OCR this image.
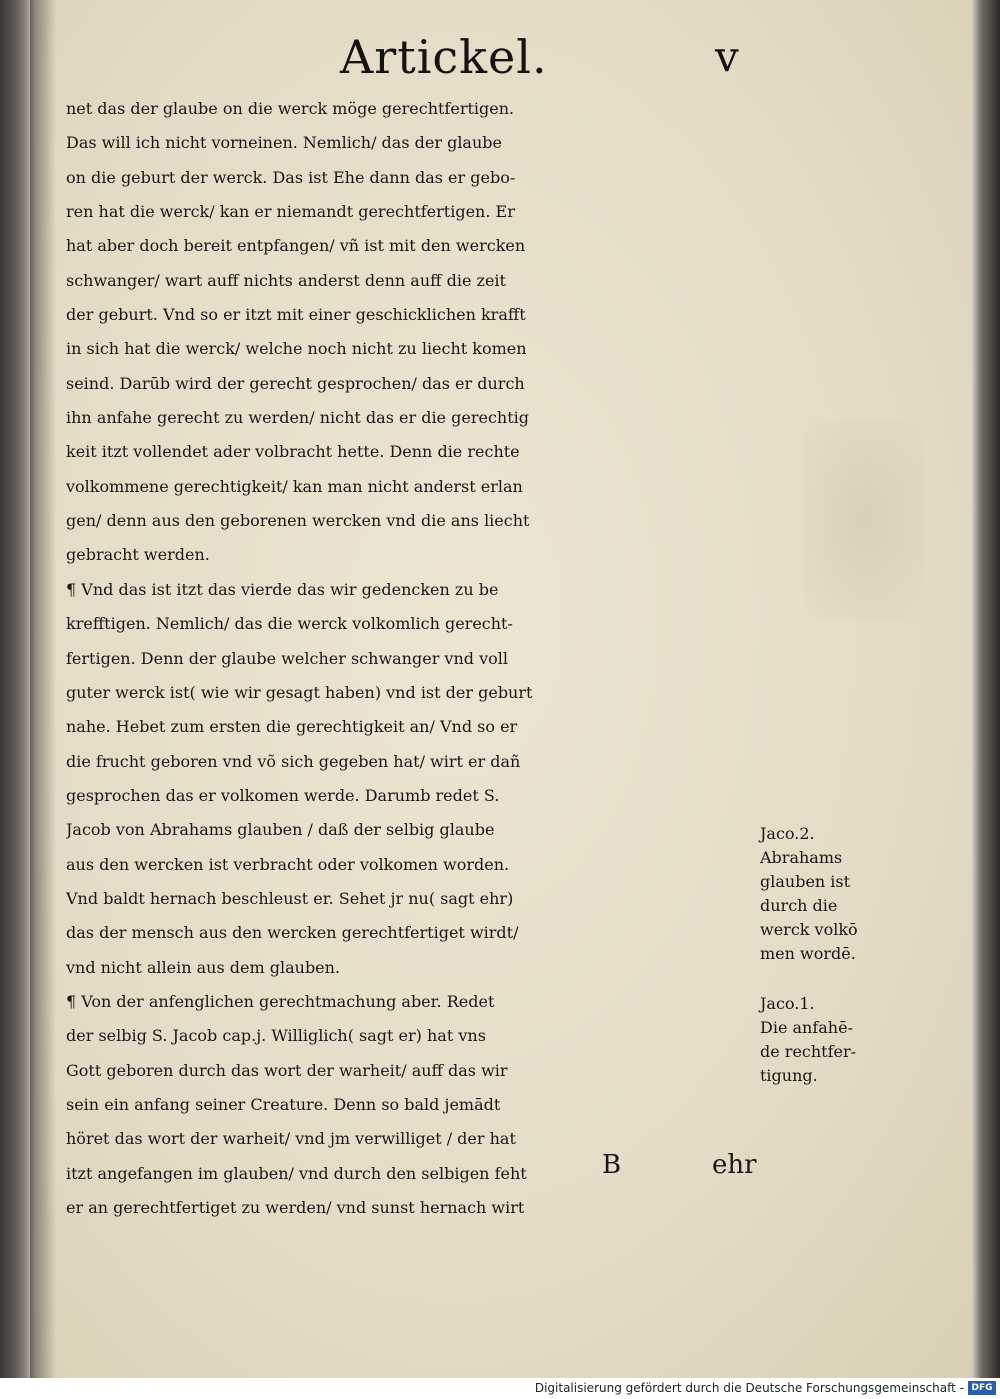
Artickel.	v
net das der glaube on die werck möge gerechtfertigen.
Das will ich nicht vorneinen. Nemlich/ das der glaube
on die geburt der werck. Das ist Ehe dann das er gebo-
ren hat die werck/ kan er niemandt gerechtfertigen. Er
hat aber doch bereit entpfangen/ vñ ist mit den wercken
schwanger/ wart auff nichts anderst denn auff die zeit
der geburt. Vnd so er itzt mit einer geschicklichen krafft
in sich hat die werck/ welche noch nicht zu liecht komen
seind. Darūb wird der gerecht gesprochen/ das er durch
ihn anfahe gerecht zu werden/ nicht das er die gerechtig
keit itzt vollendet ader volbracht hette. Denn die rechte
volkommene gerechtigkeit/ kan man nicht anderst erlan
gen/ denn aus den geborenen wercken vnd die ans liecht
gebracht werden.
¶ Vnd das ist itzt das vierde das wir gedencken zu be
krefftigen. Nemlich/ das die werck volkomlich gerecht-
fertigen. Denn der glaube welcher schwanger vnd voll
guter werck ist( wie wir gesagt haben) vnd ist der geburt
nahe. Hebet zum ersten die gerechtigkeit an/ Vnd so er
die frucht geboren vnd võ sich gegeben hat/ wirt er dañ
gesprochen das er volkomen werde. Darumb redet S.
Jacob von Abrahams glauben / daß der selbig glaube
aus den wercken ist verbracht oder volkomen worden.
Vnd baldt hernach beschleust er. Sehet jr nu( sagt ehr)
das der mensch aus den wercken gerechtfertiget wirdt/
vnd nicht allein aus dem glauben.
¶ Von der anfenglichen gerechtmachung aber. Redet
der selbig S. Jacob cap.j. Williglich( sagt er) hat vns
Gott geboren durch das wort der warheit/ auff das wir
sein ein anfang seiner Creature. Denn so bald jemādt
höret das wort der warheit/ vnd jm verwilliget / der hat
itzt angefangen im glauben/ vnd durch den selbigen feht
er an gerechtfertiget zu werden/ vnd sunst hernach wirt
Jaco.2.
Abrahams
glauben ist
durch die
werck volkō
men wordē.
Jaco.1.
Die anfahē-
de rechtfer-
tigung.
B	ehr
Digitalisierung gefördert durch die Deutsche Forschungsgemeinschaft - DFG
